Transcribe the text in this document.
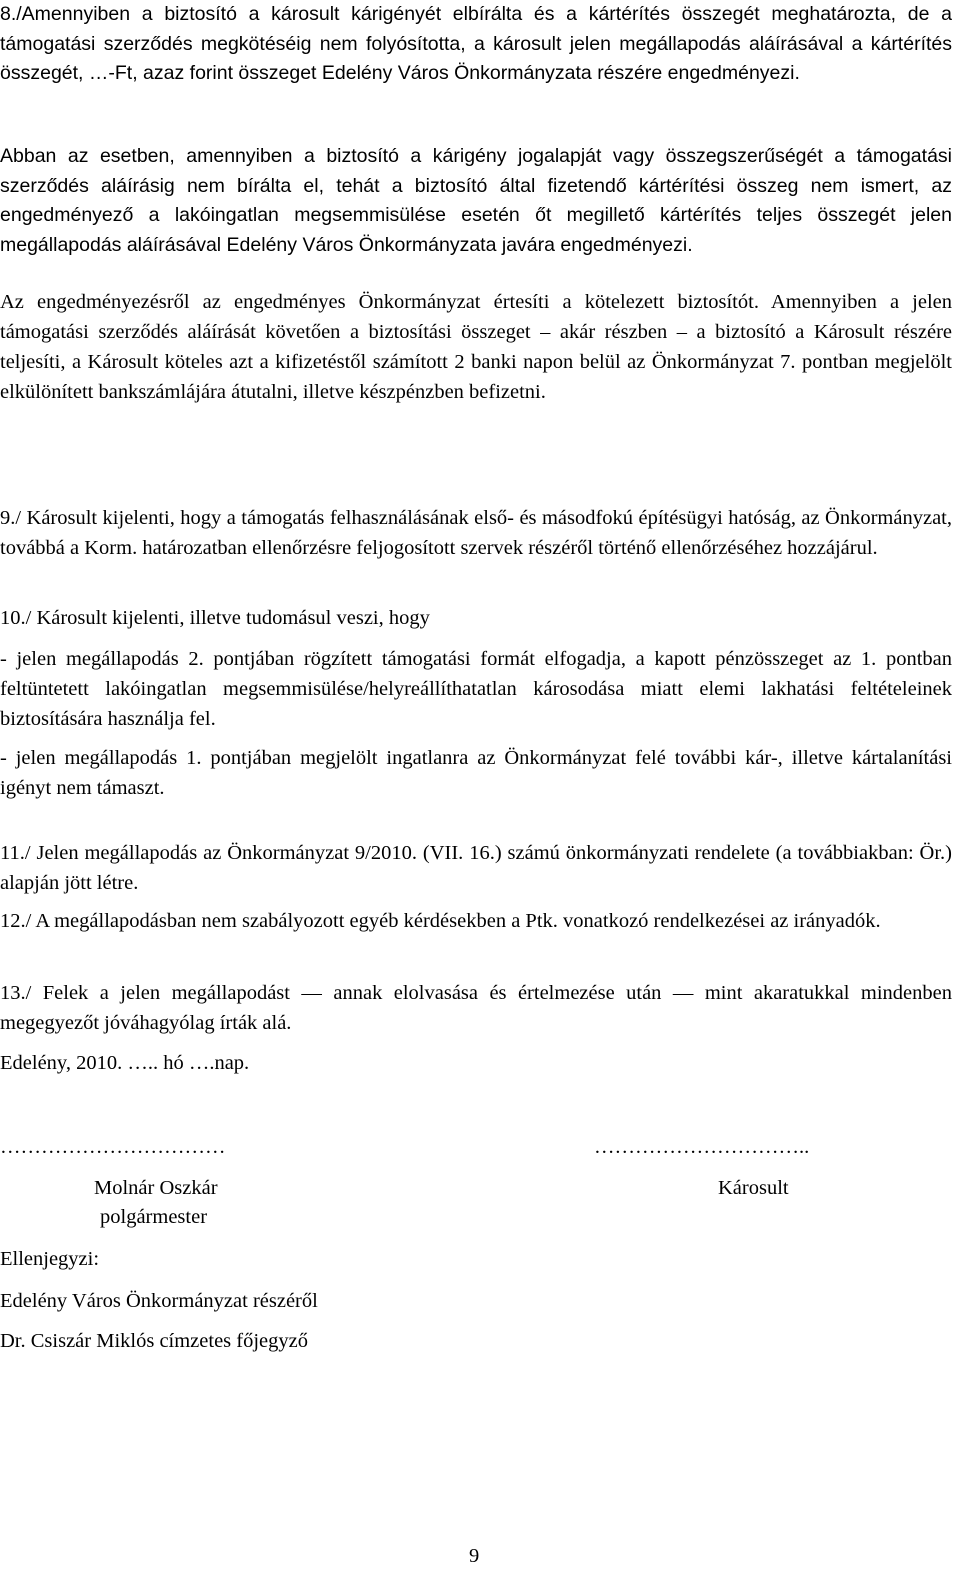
8./Amennyiben a biztosító a károsult kárigényét elbírálta és a kártérítés összegét meghatározta, de a támogatási szerződés megkötéséig nem folyósította, a károsult jelen megállapodás aláírásával a kártérítés összegét, …-Ft, azaz forint összeget Edelény Város Önkormányzata részére engedményezi.

Abban az esetben, amennyiben a biztosító a kárigény jogalapját vagy összegszerűségét a támogatási szerződés aláírásig nem bírálta el, tehát a biztosító által fizetendő kártérítési összeg nem ismert, az engedményező a lakóingatlan megsemmisülése esetén őt megillető kártérítés teljes összegét jelen megállapodás aláírásával Edelény Város Önkormányzata javára engedményezi.

Az engedményezésről az engedményes Önkormányzat értesíti a kötelezett biztosítót. Amennyiben a jelen támogatási szerződés aláírását követően a biztosítási összeget – akár részben – a biztosító a Károsult részére teljesíti, a Károsult köteles azt a kifizetéstől számított 2 banki napon belül az Önkormányzat 7. pontban megjelölt elkülönített bankszámlájára átutalni, illetve készpénzben befizetni.

9./ Károsult kijelenti, hogy a támogatás felhasználásának első- és másodfokú építésügyi hatóság, az Önkormányzat, továbbá a Korm. határozatban ellenőrzésre feljogosított szervek részéről történő ellenőrzéséhez hozzájárul.

10./ Károsult kijelenti, illetve tudomásul veszi, hogy

- jelen megállapodás 2. pontjában rögzített támogatási formát elfogadja, a kapott pénzösszeget az 1. pontban feltüntetett lakóingatlan megsemmisülése/helyreállíthatatlan károsodása miatt elemi lakhatási feltételeinek biztosítására használja fel.

- jelen megállapodás 1. pontjában megjelölt ingatlanra az Önkormányzat felé további kár-, illetve kártalanítási igényt nem támaszt.

11./ Jelen megállapodás az Önkormányzat 9/2010. (VII. 16.) számú önkormányzati rendelete (a továbbiakban: Ör.) alapján jött létre.

12./ A megállapodásban nem szabályozott egyéb kérdésekben a Ptk. vonatkozó rendelkezései az irányadók.

13./ Felek a jelen megállapodást — annak elolvasása és értelmezése után — mint akaratukkal mindenben megegyezőt jóváhagyólag írták alá.

Edelény, 2010. ….. hó ….nap.

……………………………	…………………………..

Molnár Oszkár	Károsult

polgármester

Ellenjegyzi:

Edelény Város Önkormányzat részéről

Dr. Csiszár Miklós címzetes főjegyző

9
